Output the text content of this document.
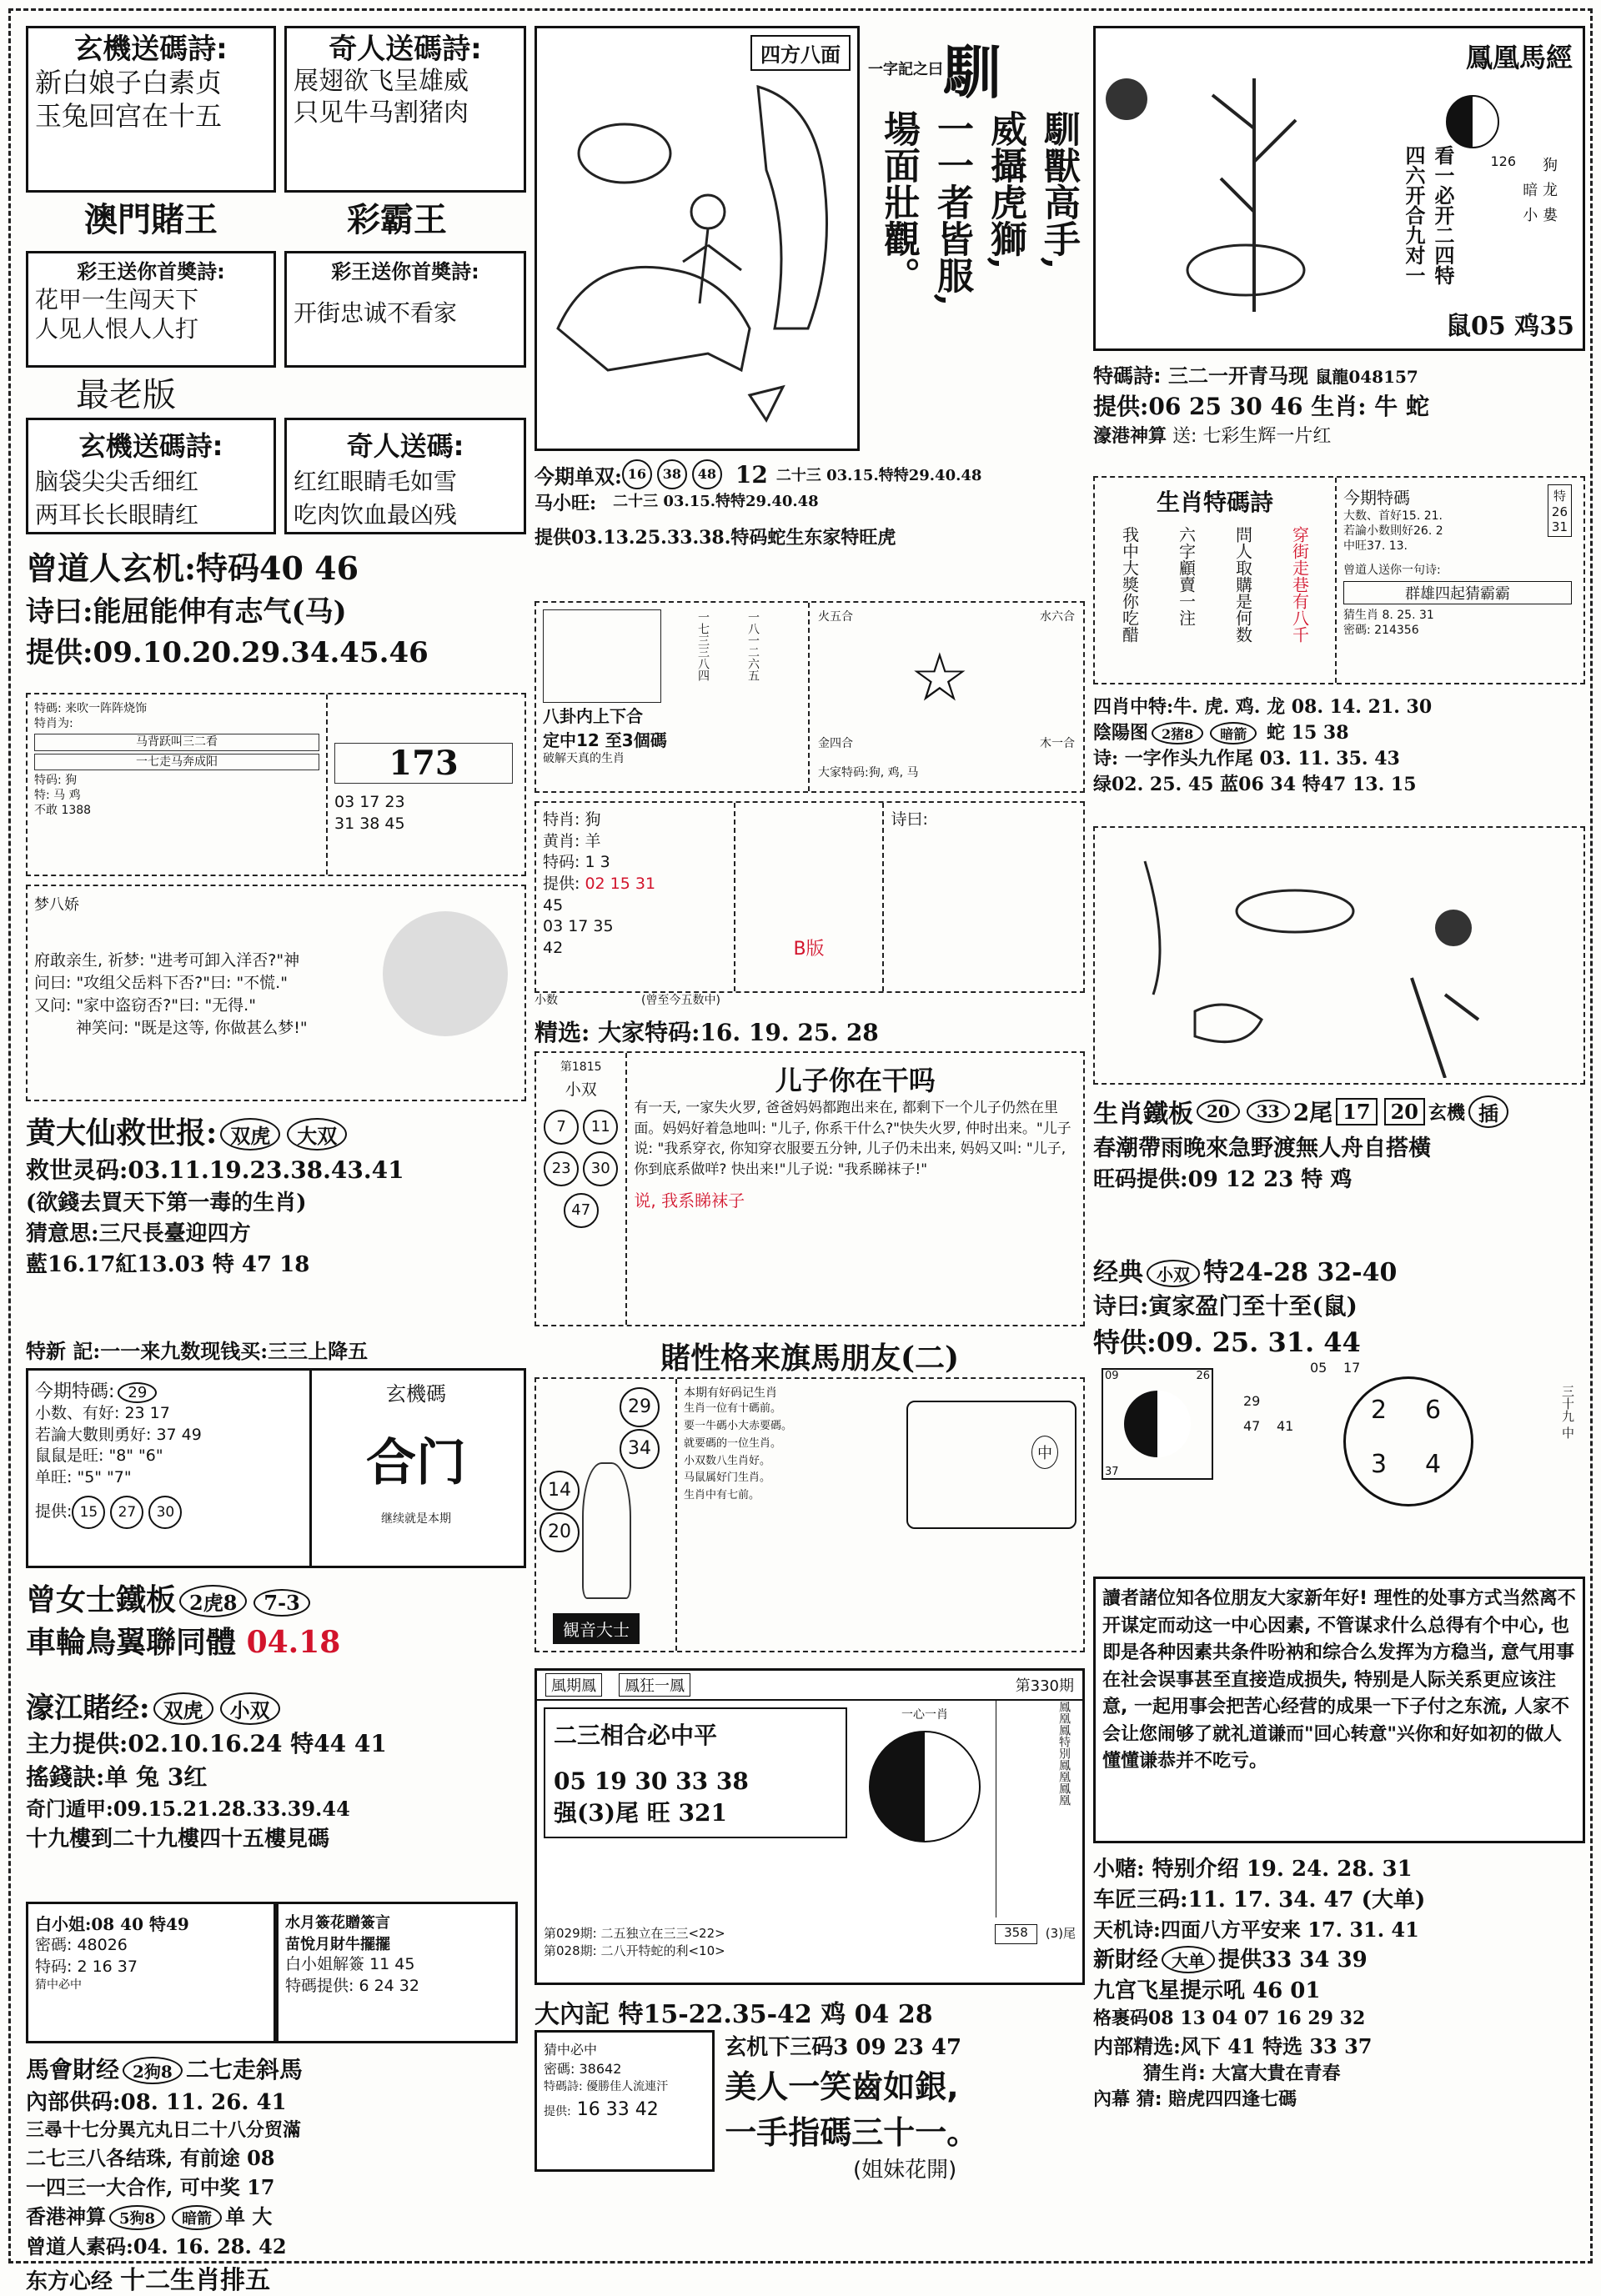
玄機送碼詩:
新白娘子白素贞
玉兔回宫在十五
奇人送碼詩:
展翅欲飞呈雄威
只见牛马割猪肉
澳門賭王	彩霸王
彩王送你首奬詩:
花甲一生闯天下
人见人恨人人打
彩王送你首奬詩:
开街忠诚不看家
最老版
玄機送碼詩:
脑袋尖尖舌细红
两耳长长眼睛红
奇人送碼:
红红眼睛毛如雪
吃肉饮血最凶残
曾道人玄机:特码40 46
诗曰:能屈能伸有志气(马)
提供:09.10.20.29.34.45.46
特碼: 来吹一阵阵烧饰
特肖为:
马背跃叫三二看
一七走马奔成阳
特码: 狗
特: 马 鸡
不敢 1388
173
03 17 23
31 38 45
梦八娇
府敢亲生, 祈梦: "进考可卸入洋否?"神
问曰: "攻组父岳料下否?"曰: "不慌."
又问: "家中盗窃否?"曰: "无得."
神笑问: "既是这等, 你做甚么梦!"
黄大仙救世报: 双虎 大双
救世灵码:03.11.19.23.38.43.41
(欲錢去買天下第一毒的生肖)
猜意思:三尺長臺迎四方
藍16.17紅13.03 特 47 18
特新 記:一一来九数现钱买:三三上降五
今期特碼: 29
小数、有好: 23 17
若論大數則勇好: 37 49
鼠鼠是旺: "8" "6"
单旺: "5" "7"
提供: 15 27 30
玄機碼
合门
继续就是本期
曾女士鐵板 2虎8 7-3
車輪鳥翼聯同體 04.18
濠江賭经: 双虎 小双
主力提供:02.10.16.24 特44 41
搖錢訣:单 兔 3红
奇门遁甲:09.15.21.28.33.39.44
十九樓到二十九樓四十五樓見碼
白小姐:08 40 特49
密碼: 48026
特码: 2 16 37
猜中必中
水月簽花贈簽言
苗悅月財牛擺擺
白小姐解簽 11 45
特碼提供: 6 24 32
馬會財经 2狗8 二七走斜馬
內部供码:08. 11. 26. 41
三尋十七分異亢丸日二十八分贸滿
二七三八各结珠, 有前途 08
一四三一大合作, 可中奖 17
香港神算 5狗8 暗箭 单 大
曾道人素码:04. 16. 28. 42
东方心经 十二生肖排五
四方八面
一字記之曰 馴
馴獸高手,
威攝虎獅,
一一者皆服,
場面壯觀。
今期单双: 16	38	48 12 二十三 03.15.特特29.40.48
马小旺: 二十三 03.15.特特29.40.48
提供03.13.25.33.38.特码蛇生东家特旺虎
一七三三八四	一八一二六五
八卦内上下合
定中12 至3個碼
破解天真的生肖
火五合	水六合
☆
金四合	木一合
大家特码:狗, 鸡, 马
特肖: 狗
黄肖: 羊
特码: 1 3
提供: 02 15 31
45
03 17 35
42	B版
诗曰:
小数	(曾至今五数中)
精选: 大家特码:16. 19. 25. 28
第1815
小双
7 11 23 30 47
儿子你在干吗
有一天, 一家失火罗, 爸爸妈妈都跑出来在, 都剩下一个儿子仍然在里面。妈妈好着急地叫: "儿子, 你系干什么?"快失火罗, 仲时出来。"儿子说: "我系穿衣, 你知穿衣服要五分钟, 儿子仍未出来, 妈妈又叫: "儿子, 你到底系做咩? 快出来!"儿子说: "我系睇袜子!"
说, 我系睇袜子
賭性格来旗馬朋友(二)
29
34
14
20
観音大士
本期有好码记生肖
生肖一位有十碼前。
要一牛碼小大赤要碼。
就要碼的一位生肖。
小双数八生肖好。
马鼠属好门生肖。
生肖中有七前。
中
風期鳳	鳳狂一鳳	第330期
二三相合必中平
05 19 30 33 38
强(3)尾 旺 321
一心一肖	鳳凰鳳特別鳳凰鳳凰
第029期: 二五独立在三三<22>
第028期: 二八开特蛇的利<10>
358	(3)尾
大內記 特15-22.35-42 鸡 04 28
猜中必中
密碼: 38642
特碼詩: 優勝佳人流連汗
提供: 16 33 42
玄机下三码3 09 23 47
美人一笑齒如銀,
一手指碼三十一。
(姐妹花開)
鳳凰馬經
126 狗
暗 龙
小 婁
看一必开二四特
四六开合九对一
鼠05 鸡35
特碼詩: 三二一开青马现 鼠龍048157
提供:06 25 30 46 生肖: 牛 蛇
濠港神算 送: 七彩生辉一片红
生肖特碼詩
我中大獎你吃醋 六字顧賣一注 問人取購是何数 穿街走巷有八千
今期特碼
大数、首好15. 21.
若論小数則好26. 2
中旺37. 13.
曾道人送你一句诗:
群雄四起猜霸霸
猜生肖 8. 25. 31
密碼: 214356
特
26
31
四肖中特:牛. 虎. 鸡. 龙 08. 14. 21. 30
陰陽图 2猪8 暗箭 蛇 15 38
诗: 一字作头九作尾 03. 11. 35. 43
绿02. 25. 45 蓝06 34 特47 13. 15
生肖鐵板 20	33 2尾 17	20 玄機 插
春潮帶雨晚來急野渡無人舟自搭橫
旺码提供:09 12 23 特 鸡
经典 小双 特24-28 32-40
诗曰:寅家盈门至十至(鼠)
特供:09. 25. 31. 44
09	26
37
29
47 41
05 17
2 6
3 4
三十九 中
讀者諸位知各位朋友大家新年好! 理性的处事方式当然离不开谋定而动这一中心因素, 不管谋求什么总得有个中心, 也即是各种因素共条件吩衲和综合么发挥为方稳当, 意气用事在社会误事甚至直接造成损失, 特别是人际关系更应该注意, 一起用事会把苦心经营的成果一下子付之东流, 人家不会让您闹够了就礼道谦而"回心转意"兴你和好如初的做人懂懂谦恭并不吃亏。
小赌: 特别介绍 19. 24. 28. 31
车匠三码:11. 17. 34. 47 (大单)
天机诗:四面八方平安来 17. 31. 41
新財经 大单 提供33 34 39
九宫飞星提示吼 46 01
格裹码08 13 04 07 16 29 32
内部精选:风下 41 特选 33 37
猜生肖: 大富大貴在青春
內幕 猜: 賠虎四四逢七碼
